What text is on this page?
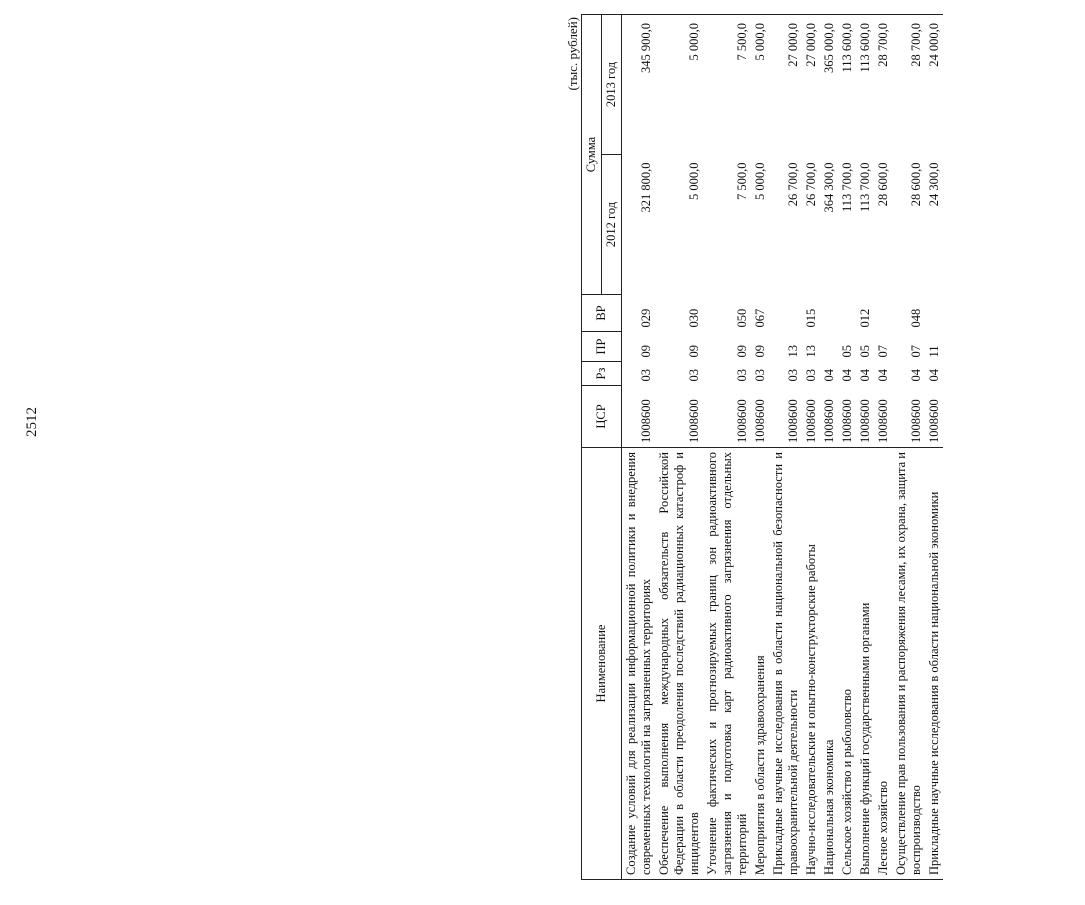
2512
(тыс. рублей)
Наименование	ЦСР	Рз	ПР	ВР	Сумма	
					2012 год	2013 год
Создание условий для реализации информационной политики и внедрения современных технологий на загрязненных территориях	1008600	03	09	029	321 800,0	345 900,0
Обеспечение выполнения международных обязательств Российской Федерации в области преодоления последствий радиационных катастроф и инцидентов	1008600	03	09	030	5 000,0	5 000,0
Уточнение фактических и прогнозируемых границ зон радиоактивного загрязнения и подготовка карт радиоактивного загрязнения отдельных территорий	1008600	03	09	050	7 500,0	7 500,0
Мероприятия в области здравоохранения	1008600	03	09	067	5 000,0	5 000,0
Прикладные научные исследования в области национальной безопасности и правоохранительной деятельности	1008600	03	13		26 700,0	27 000,0
Научно-исследовательские и опытно-конструкторские работы	1008600	03	13	015	26 700,0	27 000,0
Национальная экономика	1008600	04			364 300,0	365 000,0
Сельское хозяйство и рыболовство	1008600	04	05		113 700,0	113 600,0
Выполнение функций государственными органами	1008600	04	05	012	113 700,0	113 600,0
Лесное хозяйство	1008600	04	07		28 600,0	28 700,0
Осуществление прав пользования и распоряжения лесами, их охрана, защита и воспроизводство	1008600	04	07	048	28 600,0	28 700,0
Прикладные научные исследования в области национальной экономики	1008600	04	11		24 300,0	24 000,0
